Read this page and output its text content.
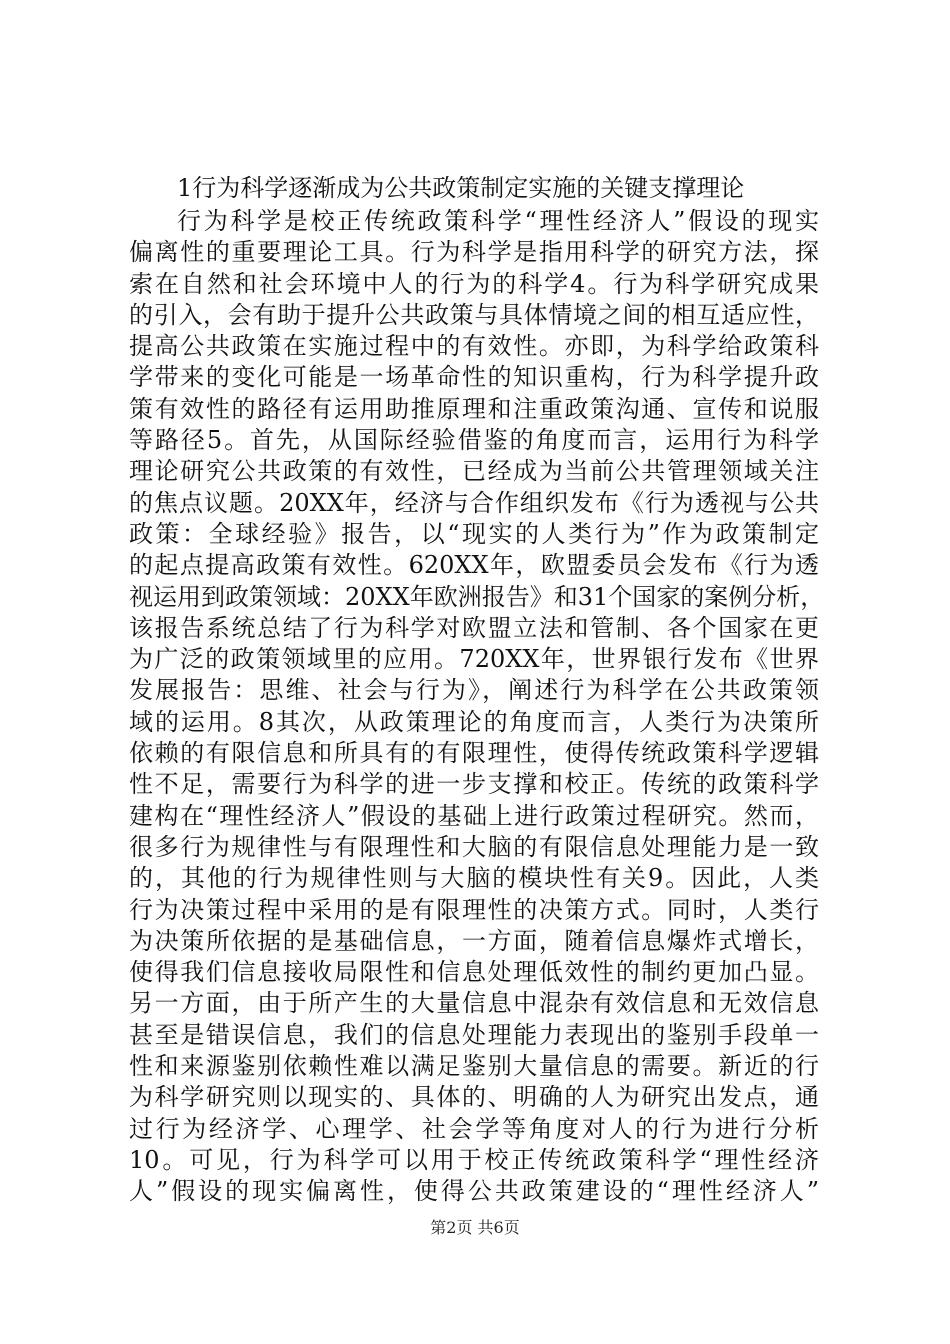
1行为科学逐渐成为公共政策制定实施的关键支撑理论
行为科学是校正传统政策科学“理性经济人”假设的现实
偏离性的重要理论工具。行为科学是指用科学的研究方法，探
索在自然和社会环境中人的行为的科学4。行为科学研究成果
的引入，会有助于提升公共政策与具体情境之间的相互适应性，
提高公共政策在实施过程中的有效性。亦即，为科学给政策科
学带来的变化可能是一场革命性的知识重构，行为科学提升政
策有效性的路径有运用助推原理和注重政策沟通、宣传和说服
等路径5。首先，从国际经验借鉴的角度而言，运用行为科学
理论研究公共政策的有效性，已经成为当前公共管理领域关注
的焦点议题。20XX年，经济与合作组织发布《行为透视与公共
政策：全球经验》报告，以“现实的人类行为”作为政策制定
的起点提高政策有效性。620XX年，欧盟委员会发布《行为透
视运用到政策领域：20XX年欧洲报告》和31个国家的案例分析，
该报告系统总结了行为科学对欧盟立法和管制、各个国家在更
为广泛的政策领域里的应用。720XX年，世界银行发布《世界
发展报告：思维、社会与行为》，阐述行为科学在公共政策领
域的运用。8其次，从政策理论的角度而言，人类行为决策所
依赖的有限信息和所具有的有限理性，使得传统政策科学逻辑
性不足，需要行为科学的进一步支撑和校正。传统的政策科学
建构在“理性经济人”假设的基础上进行政策过程研究。然而，
很多行为规律性与有限理性和大脑的有限信息处理能力是一致
的，其他的行为规律性则与大脑的模块性有关9。因此，人类
行为决策过程中采用的是有限理性的决策方式。同时，人类行
为决策所依据的是基础信息，一方面，随着信息爆炸式增长，
使得我们信息接收局限性和信息处理低效性的制约更加凸显。
另一方面，由于所产生的大量信息中混杂有效信息和无效信息
甚至是错误信息，我们的信息处理能力表现出的鉴别手段单一
性和来源鉴别依赖性难以满足鉴别大量信息的需要。新近的行
为科学研究则以现实的、具体的、明确的人为研究出发点，通
过行为经济学、心理学、社会学等角度对人的行为进行分析
10。可见，行为科学可以用于校正传统政策科学“理性经济
人”假设的现实偏离性，使得公共政策建设的“理性经济人”
第2页 共6页
